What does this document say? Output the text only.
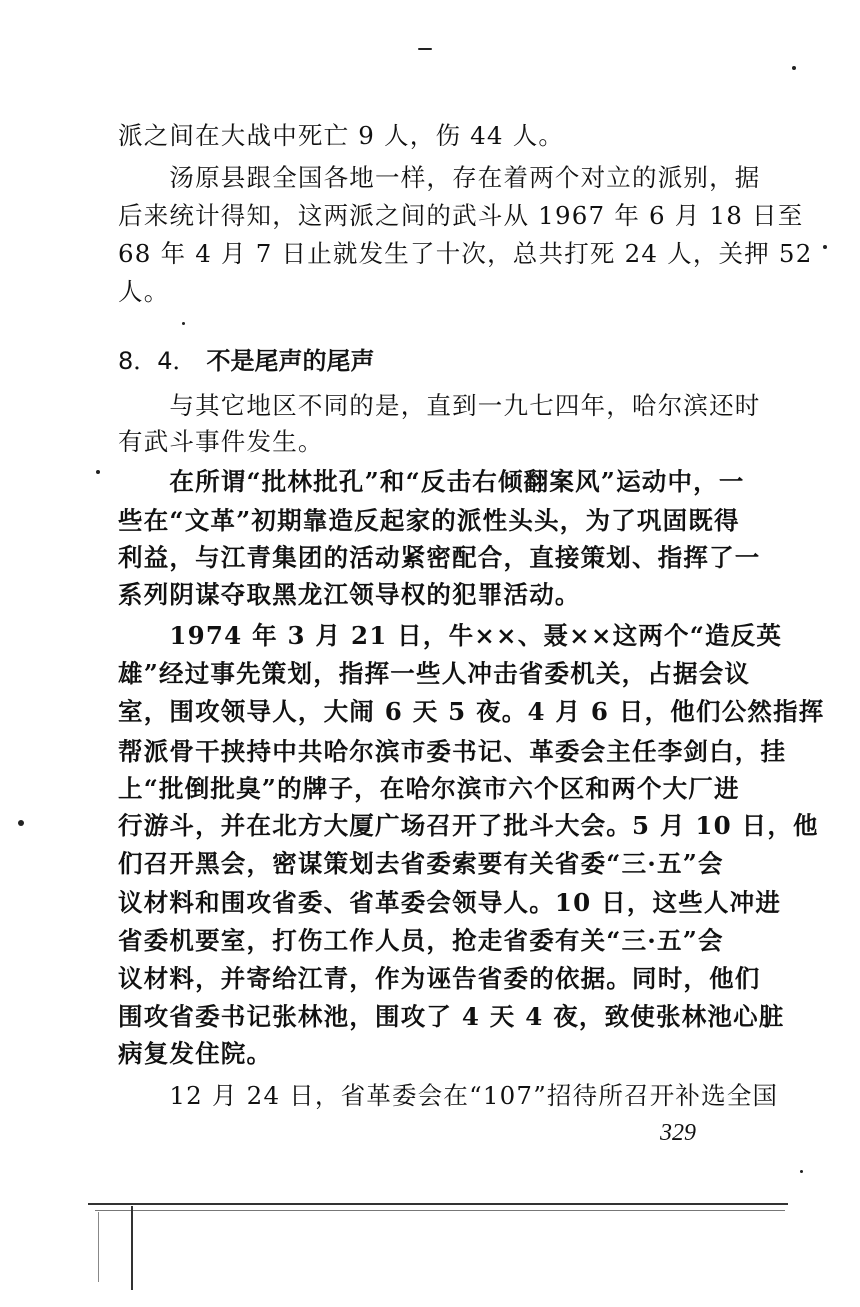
派之间在大战中死亡 9 人，伤 44 人。
　　汤原县跟全国各地一样，存在着两个对立的派别，据
后来统计得知，这两派之间的武斗从 1967 年 6 月 18 日至
68 年 4 月 7 日止就发生了十次，总共打死 24 人，关押 52
人。
8．4． 不是尾声的尾声
　　与其它地区不同的是，直到一九七四年，哈尔滨还时
有武斗事件发生。
　　在所谓“批林批孔”和“反击右倾翻案风”运动中，一
些在“文革”初期靠造反起家的派性头头，为了巩固既得
利益，与江青集团的活动紧密配合，直接策划、指挥了一
系列阴谋夺取黑龙江领导权的犯罪活动。
　　1974 年 3 月 21 日，牛××、聂××这两个“造反英
雄”经过事先策划，指挥一些人冲击省委机关，占据会议
室，围攻领导人，大闹 6 天 5 夜。4 月 6 日，他们公然指挥
帮派骨干挟持中共哈尔滨市委书记、革委会主任李剑白，挂
上“批倒批臭”的牌子，在哈尔滨市六个区和两个大厂进
行游斗，并在北方大厦广场召开了批斗大会。5 月 10 日，他
们召开黑会，密谋策划去省委索要有关省委“三·五”会
议材料和围攻省委、省革委会领导人。10 日，这些人冲进
省委机要室，打伤工作人员，抢走省委有关“三·五”会
议材料，并寄给江青，作为诬告省委的依据。同时，他们
围攻省委书记张林池，围攻了 4 天 4 夜，致使张林池心脏
病复发住院。
　　12 月 24 日，省革委会在“107”招待所召开补选全国
329
